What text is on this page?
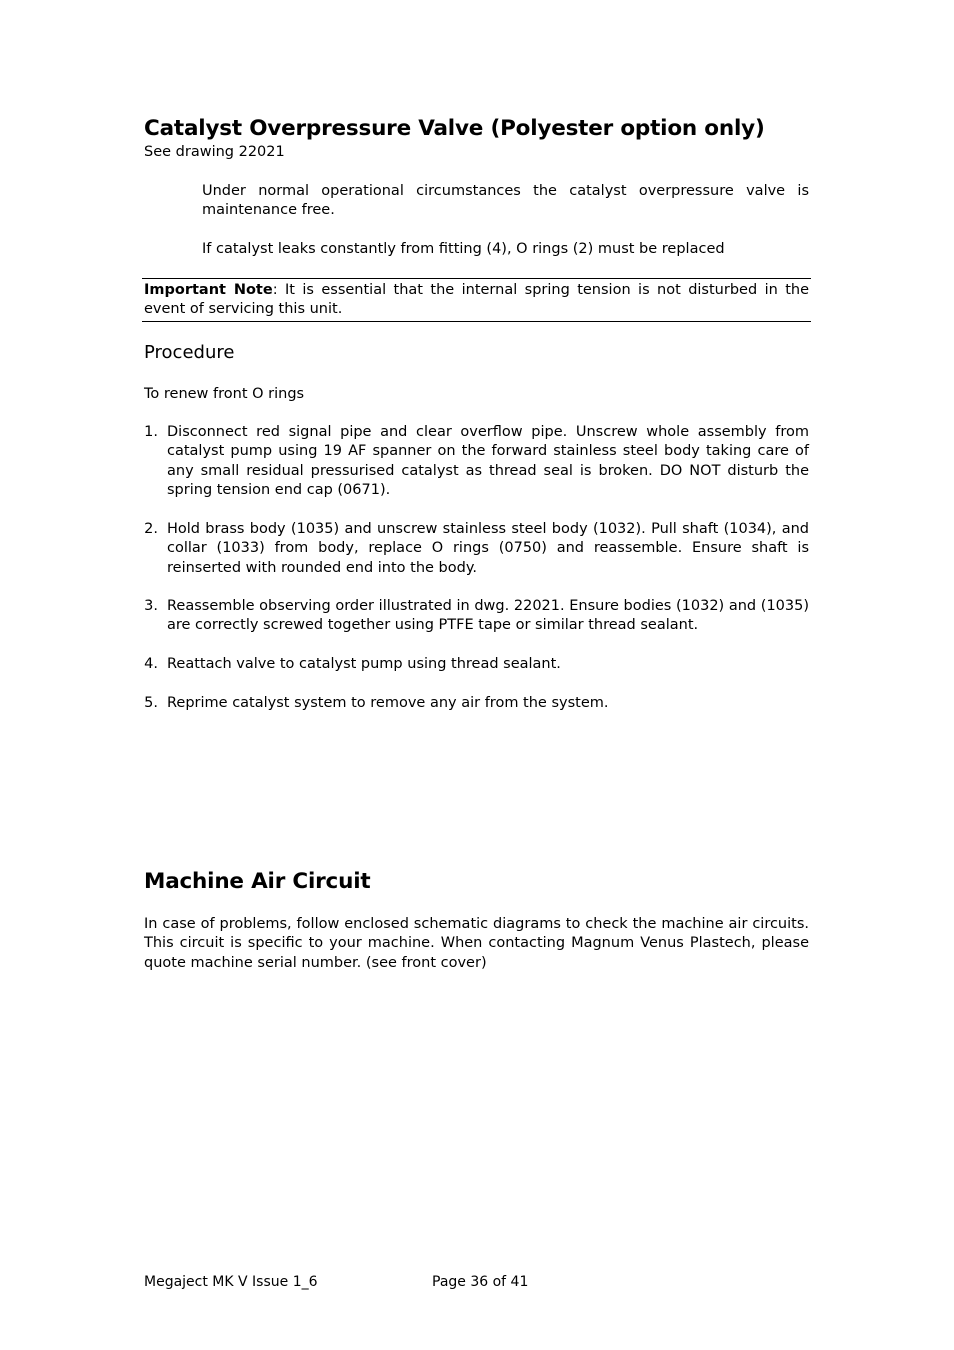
Catalyst Overpressure Valve (Polyester option only)
See drawing 22021
Under normal operational circumstances the catalyst overpressure valve is maintenance free.
If catalyst leaks constantly from fitting (4), O rings (2) must be replaced
Important Note: It is essential that the internal spring tension is not disturbed in the event of servicing this unit.
Procedure
To renew front O rings
1. Disconnect red signal pipe and clear overflow pipe. Unscrew whole assembly from catalyst pump using 19 AF spanner on the forward stainless steel body taking care of any small residual pressurised catalyst as thread seal is broken. DO NOT disturb the spring tension end cap (0671).
2. Hold brass body (1035) and unscrew stainless steel body (1032). Pull shaft (1034), and collar (1033) from body, replace O rings (0750) and reassemble. Ensure shaft is reinserted with rounded end into the body.
3. Reassemble observing order illustrated in dwg. 22021. Ensure bodies (1032) and (1035) are correctly screwed together using PTFE tape or similar thread sealant.
4. Reattach valve to catalyst pump using thread sealant.
5. Reprime catalyst system to remove any air from the system.
Machine Air Circuit
In case of problems, follow enclosed schematic diagrams to check the machine air circuits. This circuit is specific to your machine. When contacting Magnum Venus Plastech, please quote machine serial number. (see front cover)
Megaject MK V Issue 1_6	Page 36 of 41
